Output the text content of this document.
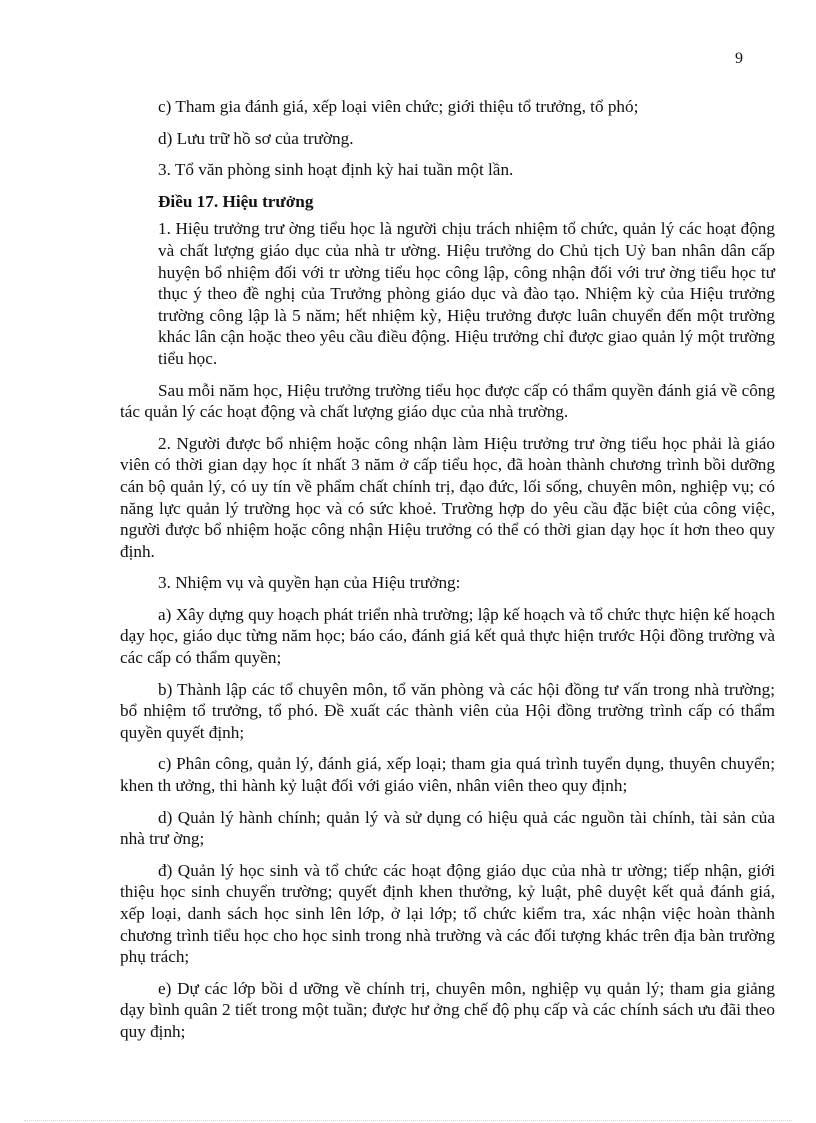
9
c) Tham gia đánh giá, xếp loại viên chức; giới thiệu tổ trưởng, tổ phó;
d) Lưu trữ hồ sơ của trường.
3. Tổ văn phòng sinh hoạt định kỳ hai tuần một lần.
Điều 17. Hiệu trưởng
1. Hiệu trưởng trư ờng tiểu học là người chịu trách nhiệm tổ chức, quản lý các hoạt động và chất lượng giáo dục của nhà tr ường. Hiệu trưởng do Chủ tịch Uỷ ban nhân dân cấp huyện bổ nhiệm đối với tr ường tiểu học công lập, công nhận đối với trư ờng tiểu học tư thục ý theo đề nghị của Trưởng phòng giáo dục và đào tạo. Nhiệm kỳ của Hiệu trưởng trường công lập là 5 năm; hết nhiệm kỳ, Hiệu trưởng được luân chuyển đến một trường khác lân cận hoặc theo yêu cầu điều động. Hiệu trưởng chỉ được giao quản lý một trường tiểu học.
Sau mỗi năm học, Hiệu trưởng trường tiểu học được cấp có thẩm quyền đánh giá về công tác quản lý các hoạt động và chất lượng giáo dục của nhà trường.
2. Người được bổ nhiệm hoặc công nhận làm Hiệu trưởng trư ờng tiểu học phải là giáo viên có thời gian dạy học ít nhất 3 năm ở cấp tiểu học, đã hoàn thành chương trình bồi dưỡng cán bộ quản lý, có uy tín về phẩm chất chính trị, đạo đức, lối sống, chuyên môn, nghiệp vụ; có năng lực quản lý trường học và có sức khoẻ. Trường hợp do yêu cầu đặc biệt của công việc, người được bổ nhiệm hoặc công nhận Hiệu trưởng có thể có thời gian dạy học ít hơn theo quy định.
3. Nhiệm vụ và quyền hạn của Hiệu trưởng:
a) Xây dựng quy hoạch phát triển nhà trường; lập kế hoạch và tổ chức thực hiện kế hoạch dạy học, giáo dục từng năm học; báo cáo, đánh giá kết quả thực hiện trước Hội đồng trường và các cấp có thẩm quyền;
b) Thành lập các tổ chuyên môn, tổ văn phòng và các hội đồng tư vấn trong nhà trường; bổ nhiệm tổ trưởng, tổ phó. Đề xuất các thành viên của Hội đồng trường trình cấp có thẩm quyền quyết định;
c) Phân công, quản lý, đánh giá, xếp loại; tham gia quá trình tuyển dụng, thuyên chuyển; khen th ưởng, thi hành kỷ luật đối với giáo viên, nhân viên theo quy định;
d) Quản lý hành chính; quản lý và sử dụng có hiệu quả các nguồn tài chính, tài sản của nhà trư ờng;
đ) Quản lý học sinh và tổ chức các hoạt động giáo dục của nhà tr ường; tiếp nhận, giới thiệu học sinh chuyển trường; quyết định khen thưởng, kỷ luật, phê duyệt kết quả đánh giá, xếp loại, danh sách học sinh lên lớp, ở lại lớp; tổ chức kiểm tra, xác nhận việc hoàn thành chương trình tiểu học cho học sinh trong nhà trường và các đối tượng khác trên địa bàn trường phụ trách;
e) Dự các lớp bồi d ưỡng về chính trị, chuyên môn, nghiệp vụ quản lý; tham gia giảng dạy bình quân 2 tiết trong một tuần; được hư ởng chế độ phụ cấp và các chính sách ưu đãi theo quy định;
